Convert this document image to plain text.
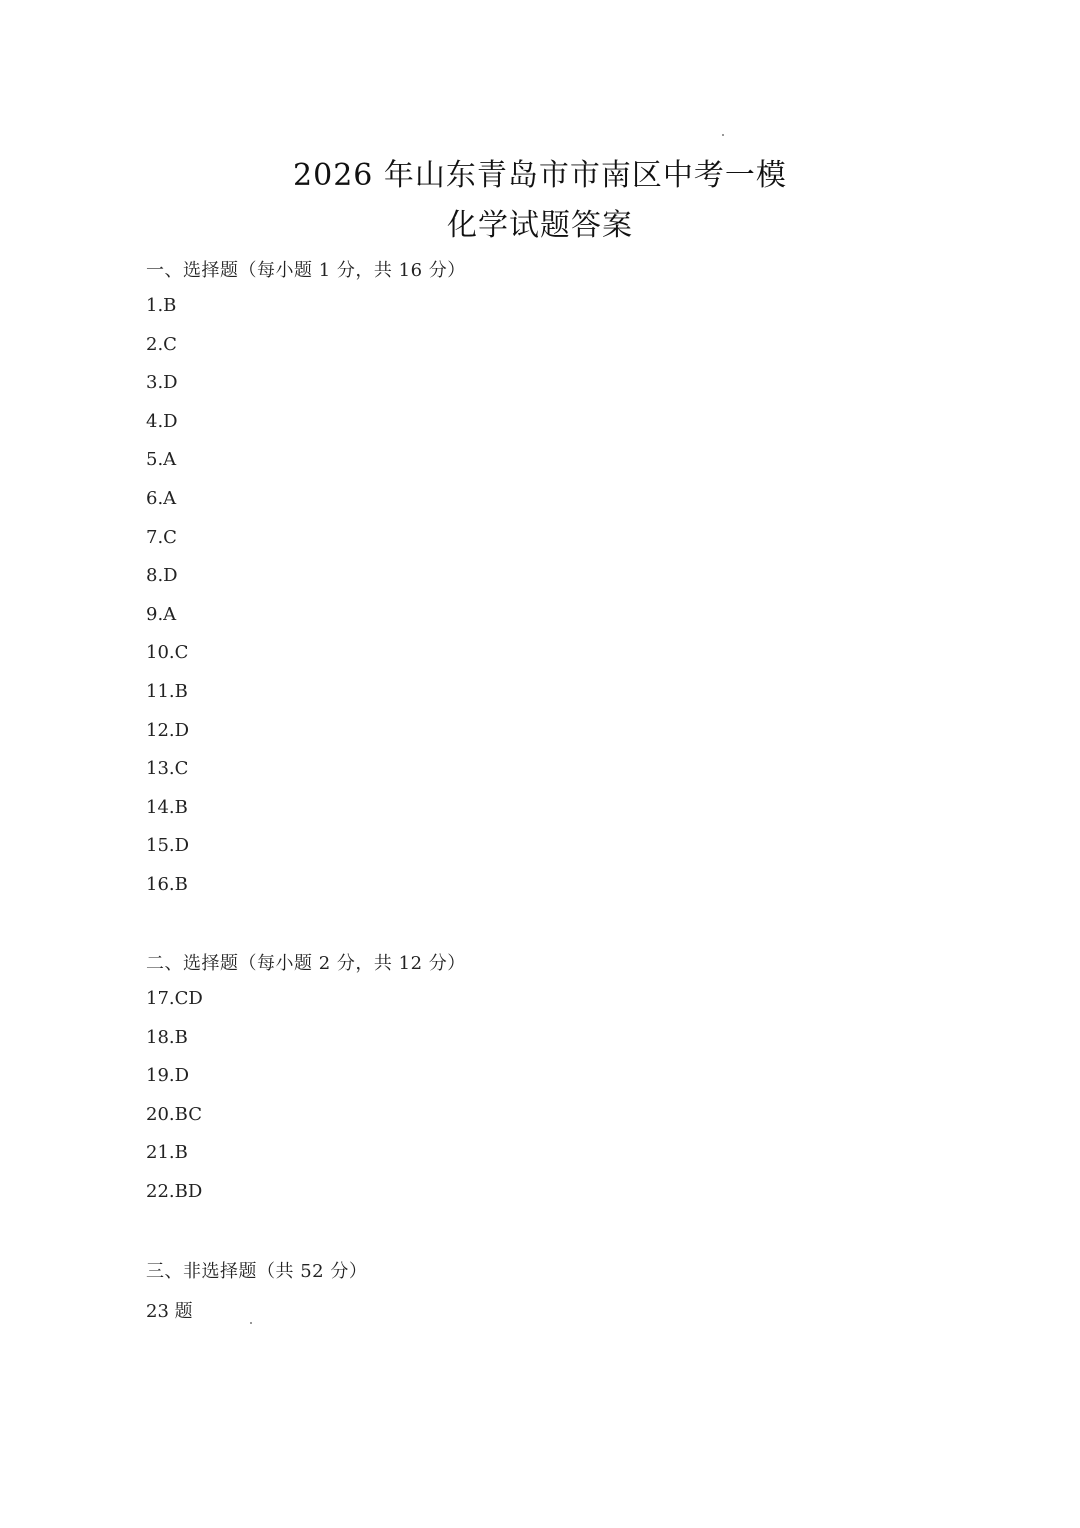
2026 年山东青岛市市南区中考一模
化学试题答案
一、选择题（每小题 1 分，共 16 分）
1.B
2.C
3.D
4.D
5.A
6.A
7.C
8.D
9.A
10.C
11.B
12.D
13.C
14.B
15.D
16.B
二、选择题（每小题 2 分，共 12 分）
17.CD
18.B
19.D
20.BC
21.B
22.BD
三、非选择题（共 52 分）
23 题
